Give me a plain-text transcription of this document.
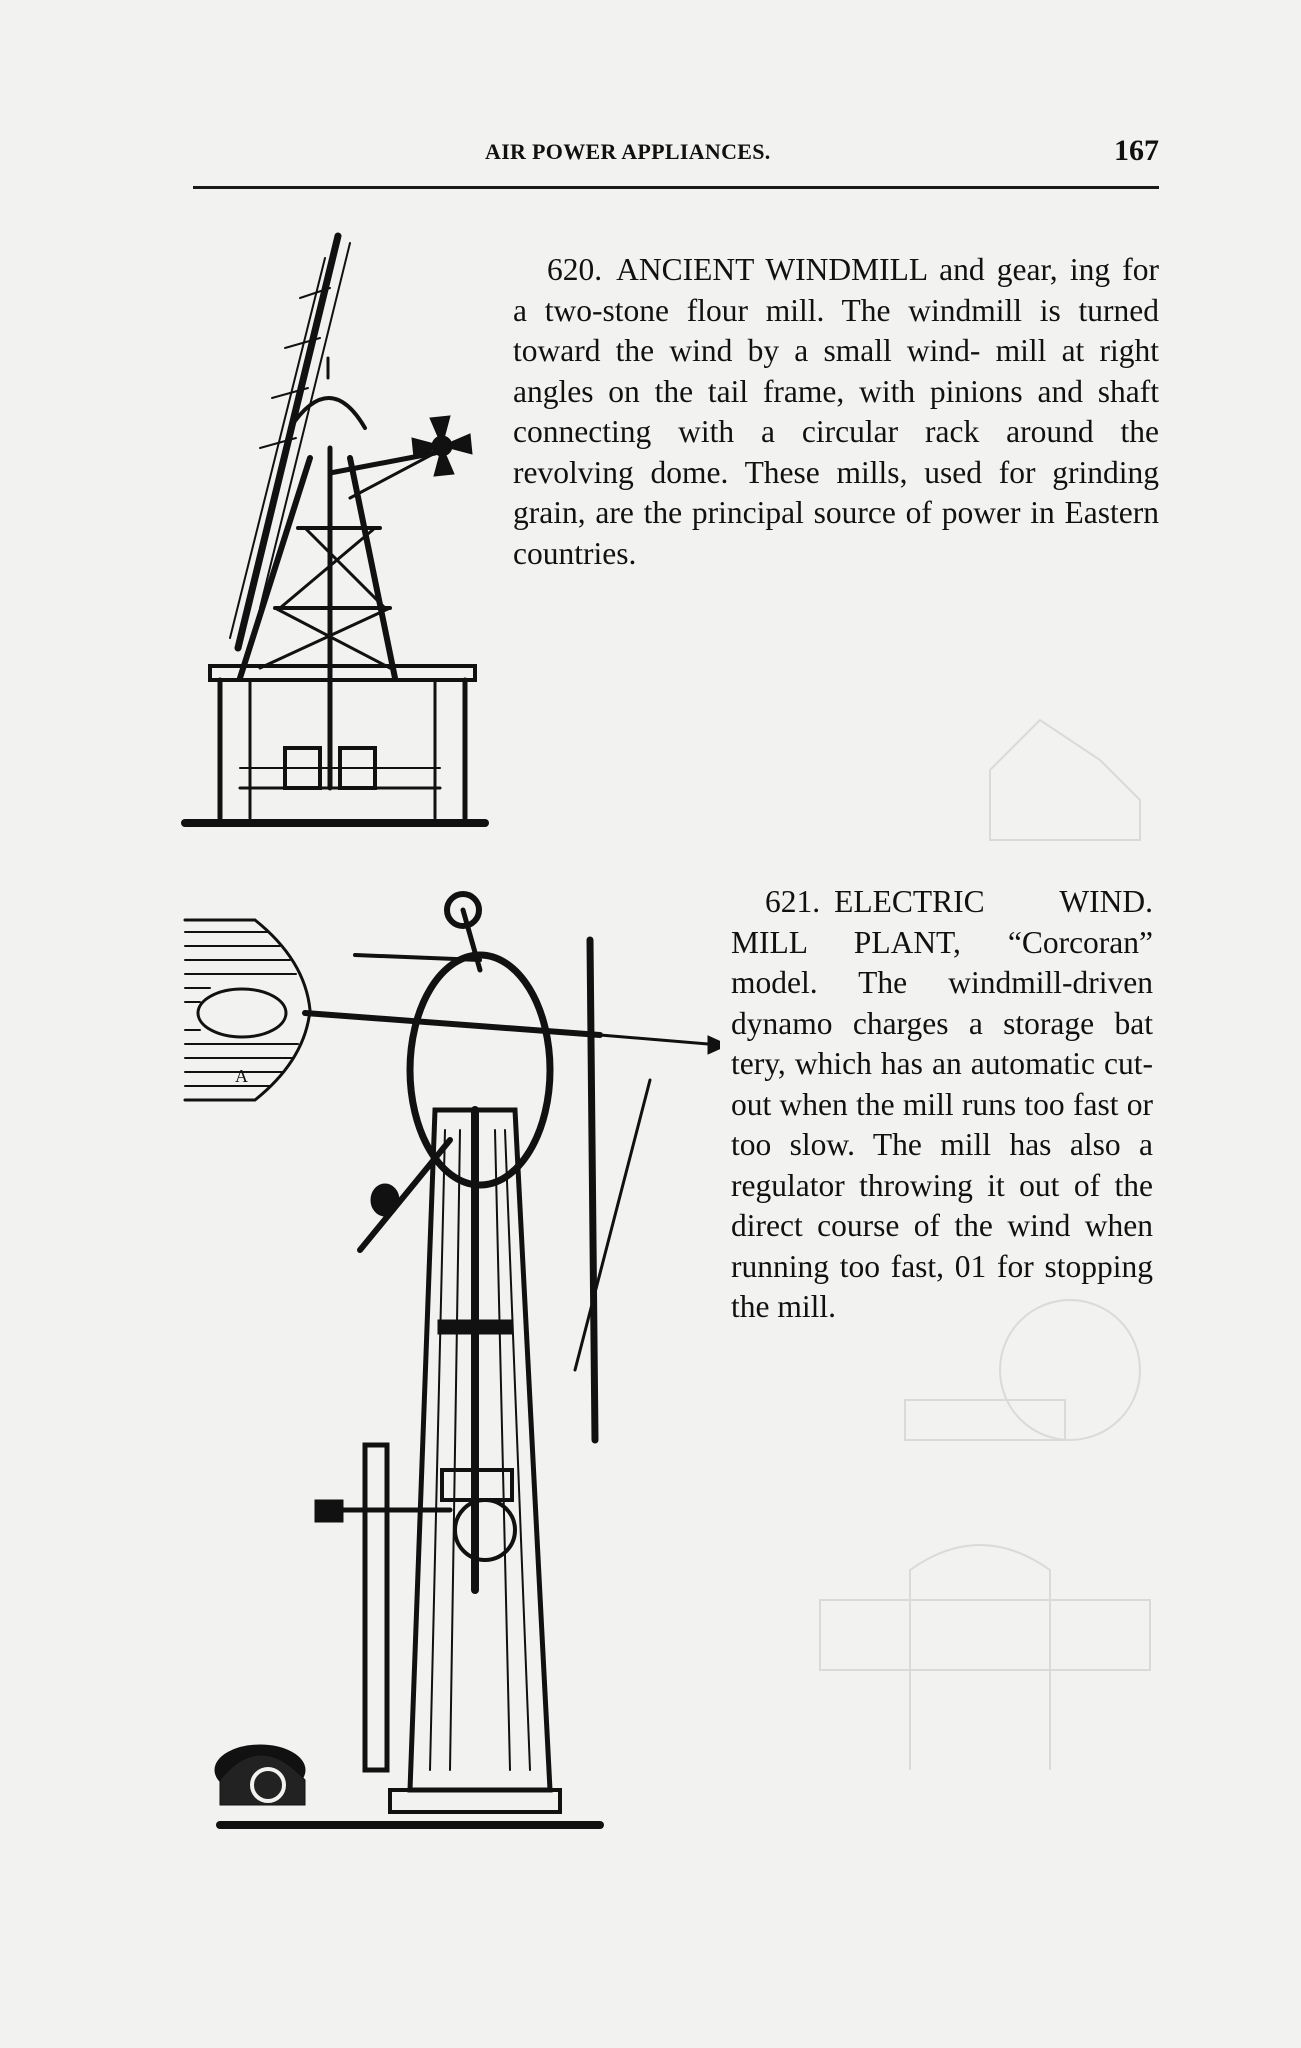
AIR POWER APPLIANCES.	167
620. ANCIENT WINDMILL and gear, ing for a two-stone flour mill. The windmill is turned toward the wind by a small wind- mill at right angles on the tail frame, with pinions and shaft connecting with a circular rack around the revolving dome. These mills, used for grinding grain, are the principal source of power in Eastern countries.
A
621. ELECTRIC WIND. MILL PLANT, “Corcoran” model. The windmill-driven dynamo charges a storage bat tery, which has an automatic cut-out when the mill runs too fast or too slow. The mill has also a regulator throwing it out of the direct course of the wind when running too fast, 01 for stopping the mill.
